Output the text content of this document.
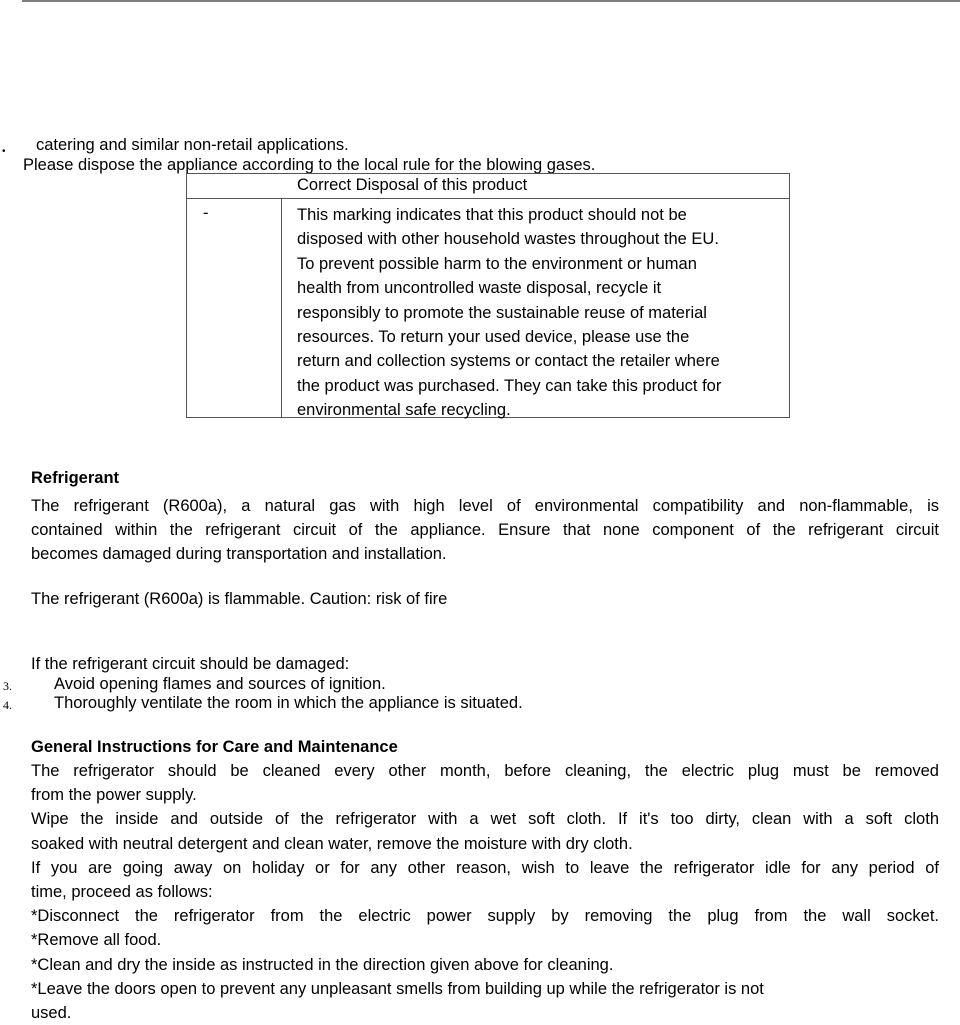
• catering and similar non-retail applications.
Please dispose the appliance according to the local rule for the blowing gases.
Correct Disposal of this product
-	This marking indicates that this product should not be
disposed with other household wastes throughout the EU.
To prevent possible harm to the environment or human
health from uncontrolled waste disposal, recycle it
responsibly to promote the sustainable reuse of material
resources. To return your used device, please use the
return and collection systems or contact the retailer where
the product was purchased. They can take this product for
environmental safe recycling.
Refrigerant
The refrigerant (R600a), a natural gas with high level of environmental compatibility and non-flammable, is
contained within the refrigerant circuit of the appliance. Ensure that none component of the refrigerant circuit
becomes damaged during transportation and installation.
The refrigerant (R600a) is flammable. Caution: risk of fire
If the refrigerant circuit should be damaged:
3.	Avoid opening flames and sources of ignition.
4.	Thoroughly ventilate the room in which the appliance is situated.
General Instructions for Care and Maintenance
The refrigerator should be cleaned every other month, before cleaning, the electric plug must be removed
from the power supply.
Wipe the inside and outside of the refrigerator with a wet soft cloth. If it's too dirty, clean with a soft cloth
soaked with neutral detergent and clean water, remove the moisture with dry cloth.
If you are going away on holiday or for any other reason, wish to leave the refrigerator idle for any period of
time, proceed as follows:
*Disconnect the refrigerator from the electric power supply by removing the plug from the wall socket.
*Remove all food.
*Clean and dry the inside as instructed in the direction given above for cleaning.
*Leave the doors open to prevent any unpleasant smells from building up while the refrigerator is not
used.
